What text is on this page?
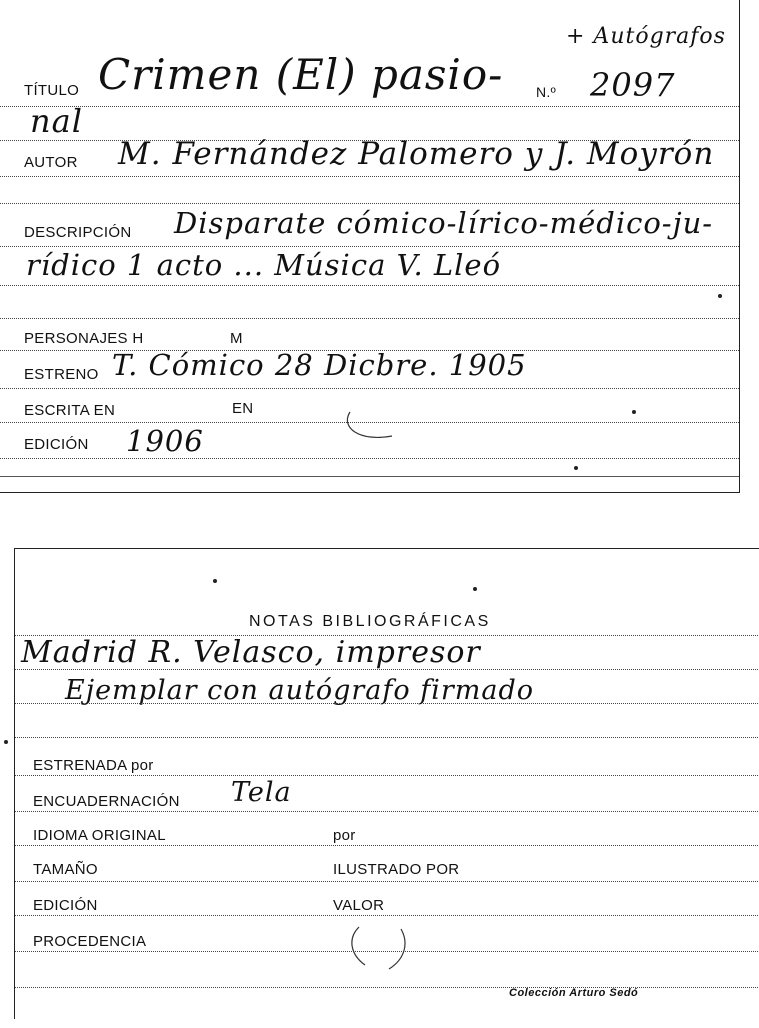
+ Autógrafos
TÍTULO Crimen (El) pasio- N.º 2097
nal
AUTOR M. Fernández Palomero y J. Moyrón
DESCRIPCIÓN Disparate cómico-lírico-médico-ju-
rídico 1 acto ... Música V. Lleó
PERSONAJES H	M
ESTRENO T. Cómico 28 Dicbre. 1905
ESCRITA EN	EN
EDICIÓN 1906
NOTAS BIBLIOGRÁFICAS
Madrid R. Velasco, impresor
Ejemplar con autógrafo firmado
ESTRENADA por
ENCUADERNACIÓN Tela
IDIOMA ORIGINAL	por
TAMAÑO	ILUSTRADO POR
EDICIÓN	VALOR
PROCEDENCIA
Colección Arturo Sedó
